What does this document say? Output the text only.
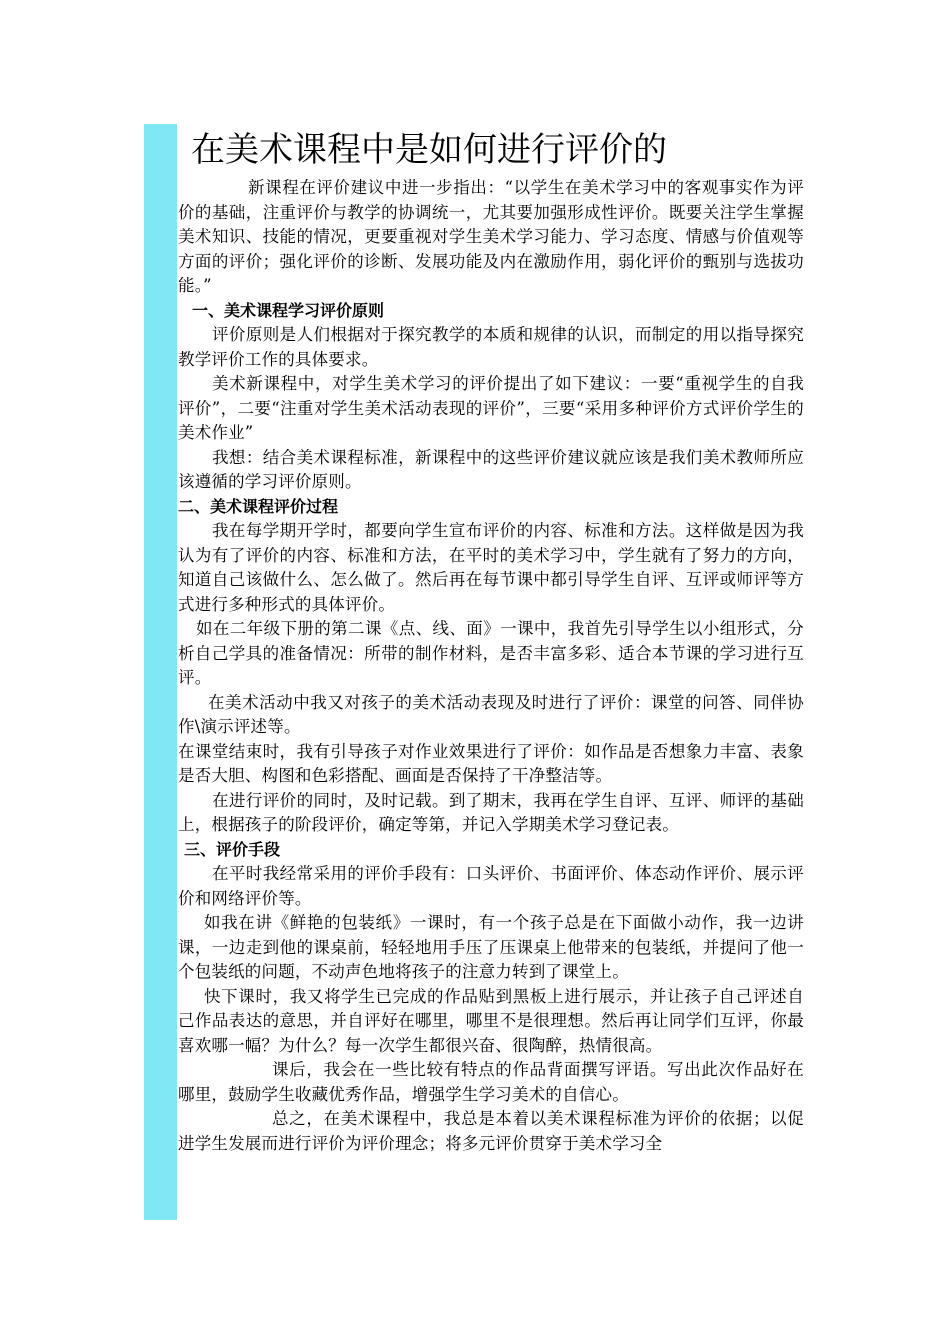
在美术课程中是如何进行评价的

新课程在评价建议中进一步指出：“以学生在美术学习中的客观事实作为评价的基础，注重评价与教学的协调统一，尤其要加强形成性评价。既要关注学生掌握美术知识、技能的情况，更要重视对学生美术学习能力、学习态度、情感与价值观等方面的评价；强化评价的诊断、发展功能及内在激励作用，弱化评价的甄别与选拔功能。”

一、美术课程学习评价原则

评价原则是人们根据对于探究教学的本质和规律的认识，而制定的用以指导探究教学评价工作的具体要求。

美术新课程中，对学生美术学习的评价提出了如下建议：一要“重视学生的自我评价”，二要“注重对学生美术活动表现的评价”，三要“采用多种评价方式评价学生的美术作业”

我想：结合美术课程标准，新课程中的这些评价建议就应该是我们美术教师所应该遵循的学习评价原则。

二、美术课程评价过程

我在每学期开学时，都要向学生宣布评价的内容、标准和方法。这样做是因为我认为有了评价的内容、标准和方法，在平时的美术学习中，学生就有了努力的方向，知道自己该做什么、怎么做了。然后再在每节课中都引导学生自评、互评或师评等方式进行多种形式的具体评价。

如在二年级下册的第二课《点、线、面》一课中，我首先引导学生以小组形式，分析自己学具的准备情况：所带的制作材料，是否丰富多彩、适合本节课的学习进行互评。

在美术活动中我又对孩子的美术活动表现及时进行了评价：课堂的问答、同伴协作\演示评述等。

在课堂结束时，我有引导孩子对作业效果进行了评价：如作品是否想象力丰富、表象是否大胆、构图和色彩搭配、画面是否保持了干净整洁等。

在进行评价的同时，及时记载。到了期末，我再在学生自评、互评、师评的基础上，根据孩子的阶段评价，确定等第，并记入学期美术学习登记表。

三、评价手段

在平时我经常采用的评价手段有：口头评价、书面评价、体态动作评价、展示评价和网络评价等。

如我在讲《鲜艳的包装纸》一课时，有一个孩子总是在下面做小动作，我一边讲课，一边走到他的课桌前，轻轻地用手压了压课桌上他带来的包装纸，并提问了他一个包装纸的问题，不动声色地将孩子的注意力转到了课堂上。

快下课时，我又将学生已完成的作品贴到黑板上进行展示，并让孩子自己评述自己作品表达的意思，并自评好在哪里，哪里不是很理想。然后再让同学们互评，你最喜欢哪一幅？为什么？每一次学生都很兴奋、很陶醉，热情很高。

课后，我会在一些比较有特点的作品背面撰写评语。写出此次作品好在哪里，鼓励学生收藏优秀作品，增强学生学习美术的自信心。

总之，在美术课程中，我总是本着以美术课程标准为评价的依据；以促进学生发展而进行评价为评价理念；将多元评价贯穿于美术学习全
